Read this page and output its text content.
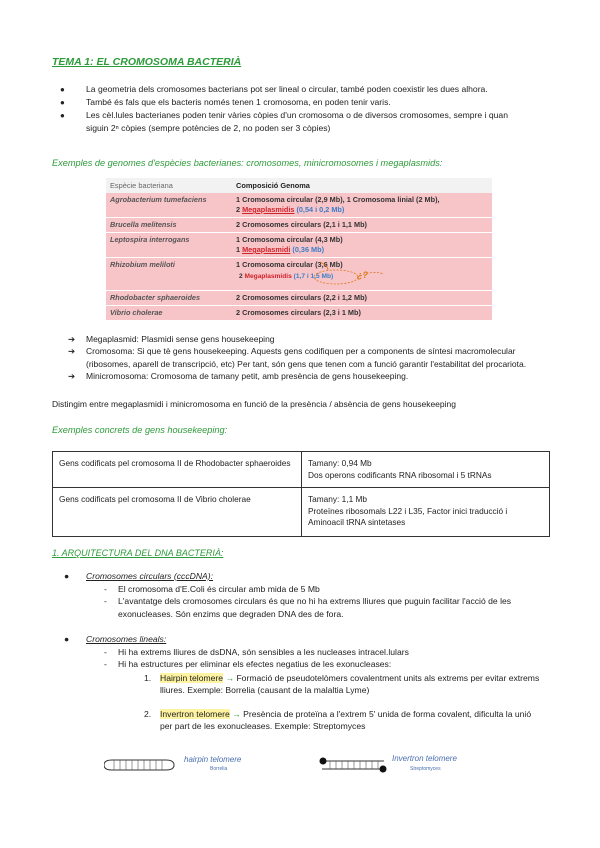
TEMA 1: EL CROMOSOMA BACTERIÀ
● La geometria dels cromosomes bacterians pot ser lineal o circular, també poden coexistir les dues alhora.
● També és fals que els bacteris només tenen 1 cromosoma, en poden tenir varis.
● Les cèl.lules bacterianes poden tenir vàries còpies d'un cromosoma o de diversos cromosomes, sempre i quan siguin 2ⁿ còpies (sempre potències de 2, no poden ser 3 còpies)
Exemples de genomes d'espècies bacterianes: cromosomes, minicromosomes i megaplasmids:
Espècie bacteriana	Composició Genoma
Agrobacterium tumefaciens	1 Cromosoma circular (2,9 Mb), 1 Cromosoma linial (2 Mb),
2 Megaplasmidis (0,54 i 0,2 Mb)

Brucella melitensis	2 Cromosomes circulars (2,1 i 1,1 Mb)
Leptospira interrogans	1 Cromosoma circular (4,3 Mb)
1 Megaplasmidi (0,36 Mb)

Rhizobium meliloti	1 Cromosoma circular (3,6 Mb)
2 Megaplasmidis (1,7 i 1,5 Mb) ¿?

Rhodobacter sphaeroides	2 Cromosomes circulars (2,2 i 1,2 Mb)
Vibrio cholerae	2 Cromosomes circulars (2,3 i 1 Mb)
➔	Megaplasmid: Plasmidi sense gens housekeeping
➔	Cromosoma: Si que tè gens housekeeping. Aquests gens codifiquen per a components de síntesi macromolecular (ribosomes, aparell de transcripció, etc) Per tant, són gens que tenen com a funció garantir l'estabilitat del procariota.
➔	Minicromosoma: Cromosoma de tamany petit, amb presència de gens housekeeping.
Distingim entre megaplasmidi i minicromosoma en funció de la presència / absència de gens housekeeping
Exemples concrets de gens housekeeping:
Gens codificats pel cromosoma II de Rhodobacter sphaeroides	Tamany: 0,94 Mb
Dos operons codificants RNA ribosomal i 5 tRNAs

Gens codificats pel cromosoma II de Vibrio cholerae	Tamany: 1,1 Mb
Proteïnes ribosomals L22 i L35, Factor inici traducció i Aminoacil tRNA sintetases
1. ARQUITECTURA DEL DNA BACTERIÀ:
● Cromosomes circulars (cccDNA):
- El cromosoma d'E.Coli és circular amb mida de 5 Mb
- L'avantatge dels cromosomes circulars és que no hi ha extrems lliures que puguin facilitar l'acció de les exonucleases. Són enzims que degraden DNA des de fora.
● Cromosomes lineals:
- Hi ha extrems lliures de dsDNA, són sensibles a les nucleases intracel.lulars
- Hi ha estructures per eliminar els efectes negatius de les exonucleases:
1. Hairpin telomere → Formació de pseudotelòmers covalentment units als extrems per evitar extrems lliures. Exemple: Borrelia (causant de la malaltia Lyme)
2. Invertron telomere → Presència de proteïna a l'extrem 5' unida de forma covalent, dificulta la unió per part de les exonucleases. Exemple: Streptomyces
hairpin telomere
Borrelia
Invertron telomere
Streptomyces
